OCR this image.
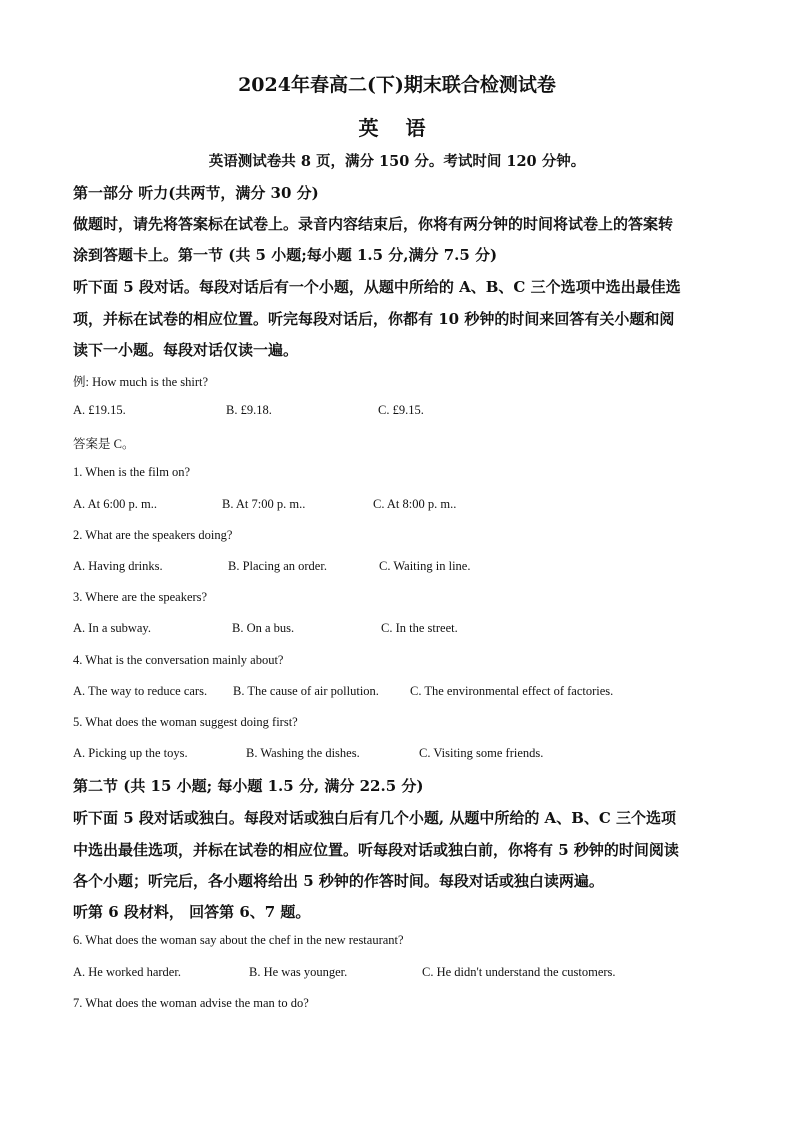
2024年春高二(下)期末联合检测试卷
英 语
英语测试卷共 8 页，满分 150 分。考试时间 120 分钟。
第一部分 听力(共两节，满分 30 分)
做题时，请先将答案标在试卷上。录音内容结束后，你将有两分钟的时间将试卷上的答案转
涂到答题卡上。第一节 (共 5 小题;每小题 1.5 分,满分 7.5 分)
听下面 5 段对话。每段对话后有一个小题，从题中所给的 A、B、C 三个选项中选出最佳选
项，并标在试卷的相应位置。听完每段对话后，你都有 10 秒钟的时间来回答有关小题和阅
读下一小题。每段对话仅读一遍。
例: How much is the shirt?
A. £19.15.	B. £9.18.	C. £9.15.
答案是 C。
1. When is the film on?
A. At 6:00 p. m..	B. At 7:00 p. m..	C. At 8:00 p. m..
2. What are the speakers doing?
A. Having drinks.	B. Placing an order.	C. Waiting in line.
3. Where are the speakers?
A. In a subway.	B. On a bus.	C. In the street.
4. What is the conversation mainly about?
A. The way to reduce cars. B. The cause of air pollution. C. The environmental effect of factories.
5. What does the woman suggest doing first?
A. Picking up the toys.	B. Washing the dishes.	C. Visiting some friends.
第二节 (共 15 小题; 每小题 1.5 分, 满分 22.5 分)
听下面 5 段对话或独白。每段对话或独白后有几个小题, 从题中所给的 A、B、C 三个选项
中选出最佳选项，并标在试卷的相应位置。听每段对话或独白前，你将有 5 秒钟的时间阅读
各个小题；听完后，各小题将给出 5 秒钟的作答时间。每段对话或独白读两遍。
听第 6 段材料， 回答第 6、7 题。
6. What does the woman say about the chef in the new restaurant?
A. He worked harder.	B. He was younger.	C. He didn't understand the customers.
7. What does the woman advise the man to do?
